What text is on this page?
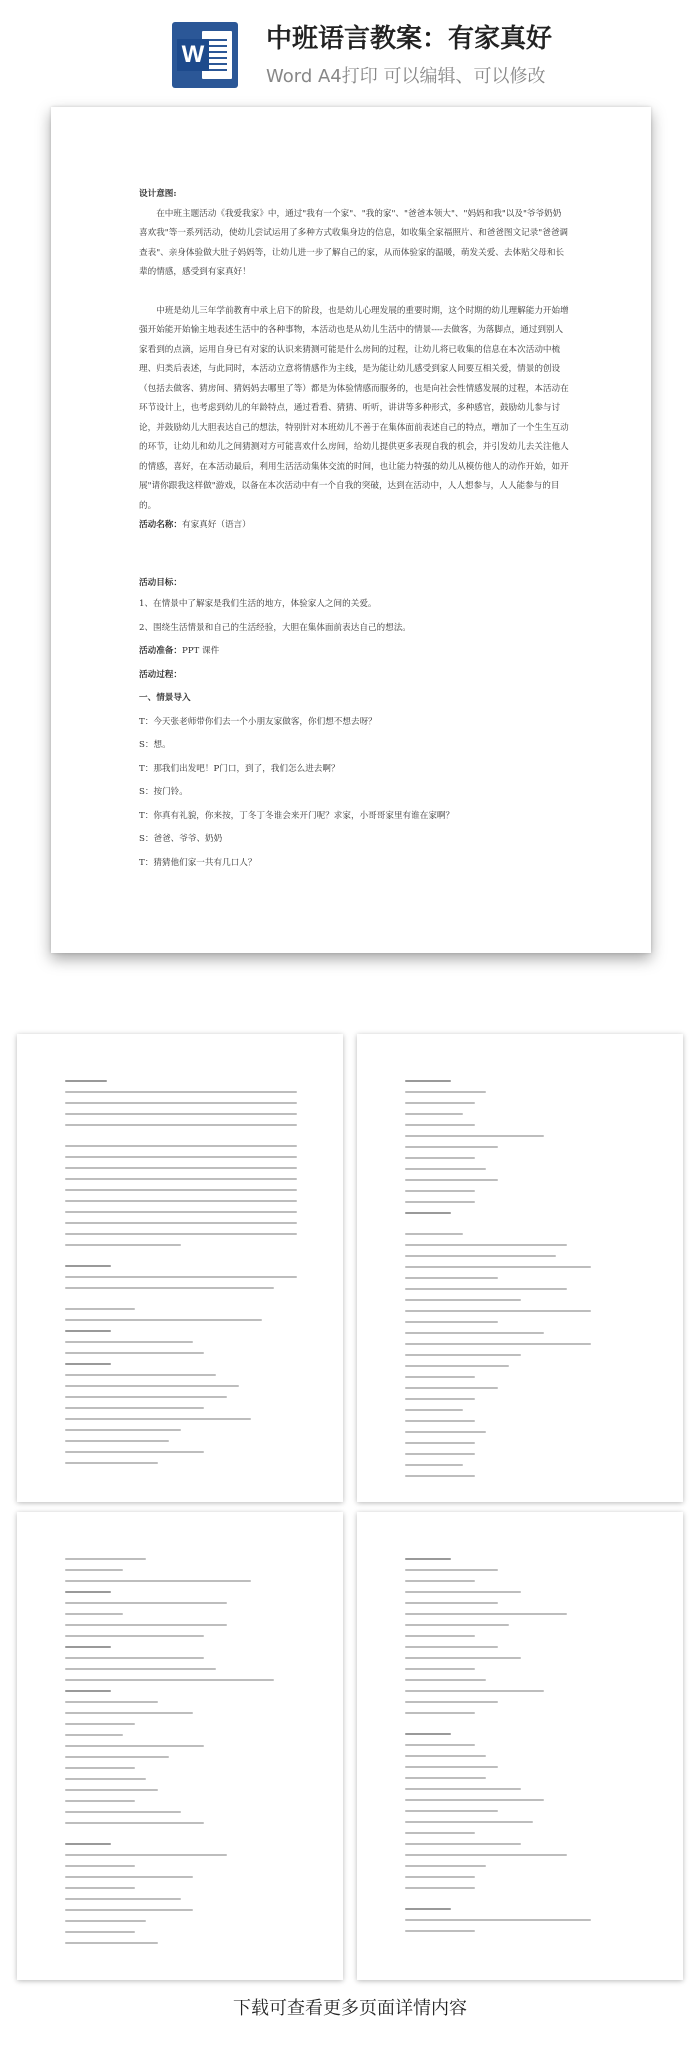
W
中班语言教案：有家真好
Word A4打印 可以编辑、可以修改

设计意图:

在中班主题活动《我爱我家》中，通过"我有一个家"、"我的家"、"爸爸本领大"、"妈妈和我"以及"爷爷奶奶喜欢我"等一系列活动，使幼儿尝试运用了多种方式收集身边的信息，如收集全家福照片、和爸爸图文记录"爸爸调查表"、亲身体验做大肚子妈妈等，让幼儿进一步了解自己的家，从而体验家的温暖，萌发关爱、去体贴父母和长辈的情感，感受到有家真好！

中班是幼儿三年学前教育中承上启下的阶段，也是幼儿心理发展的重要时期，这个时期的幼儿理解能力开始增强开始能开始愉主地表述生活中的各种事物，本活动也是从幼儿生活中的情景----去做客，为落脚点，通过到别人家看到的点滴，运用自身已有对家的认识来猜测可能是什么房间的过程，让幼儿将已收集的信息在本次活动中梳理、归类后表述，与此同时，本活动立意将情感作为主线，是为能让幼儿感受到家人间要互相关爱，情景的创设（包括去做客、猜房间、猜妈妈去哪里了等）都是为体验情感而服务的，也是向社会性情感发展的过程，本活动在环节设计上，也考虑到幼儿的年龄特点，通过看看、猜猜、听听，讲讲等多种形式，多种感官，鼓励幼儿参与讨论，并鼓励幼儿大胆表达自己的想法，特别针对本班幼儿不善于在集体面前表述自己的特点，增加了一个生生互动的环节，让幼儿和幼儿之间猜测对方可能喜欢什么房间，给幼儿提供更多表现自我的机会，并引发幼儿去关注他人的情感，喜好，在本活动最后，利用生活活动集体交流的时间，也让能力特强的幼儿从模仿他人的动作开始，如开展"请你跟我这样做"游戏，以备在本次活动中有一个自我的突破，达到在活动中，人人想参与，人人能参与的目的。

活动名称：有家真好（语言）

活动目标：

1、在情景中了解家是我们生活的地方，体验家人之间的关爱。

2、围绕生活情景和自己的生活经验，大胆在集体面前表达自己的想法。

活动准备：PPT 课件

活动过程：

一、情景导入

T：今天张老师带你们去一个小朋友家做客，你们想不想去呀？

S：想。

T：那我们出发吧！P门口，到了，我们怎么进去啊？

S：按门铃。

T：你真有礼貌，你来按，丁冬丁冬谁会来开门呢？求家，小哥哥家里有谁在家啊？

S：爸爸、爷爷、奶奶

T：猜猜他们家一共有几口人？

下载可查看更多页面详情内容
